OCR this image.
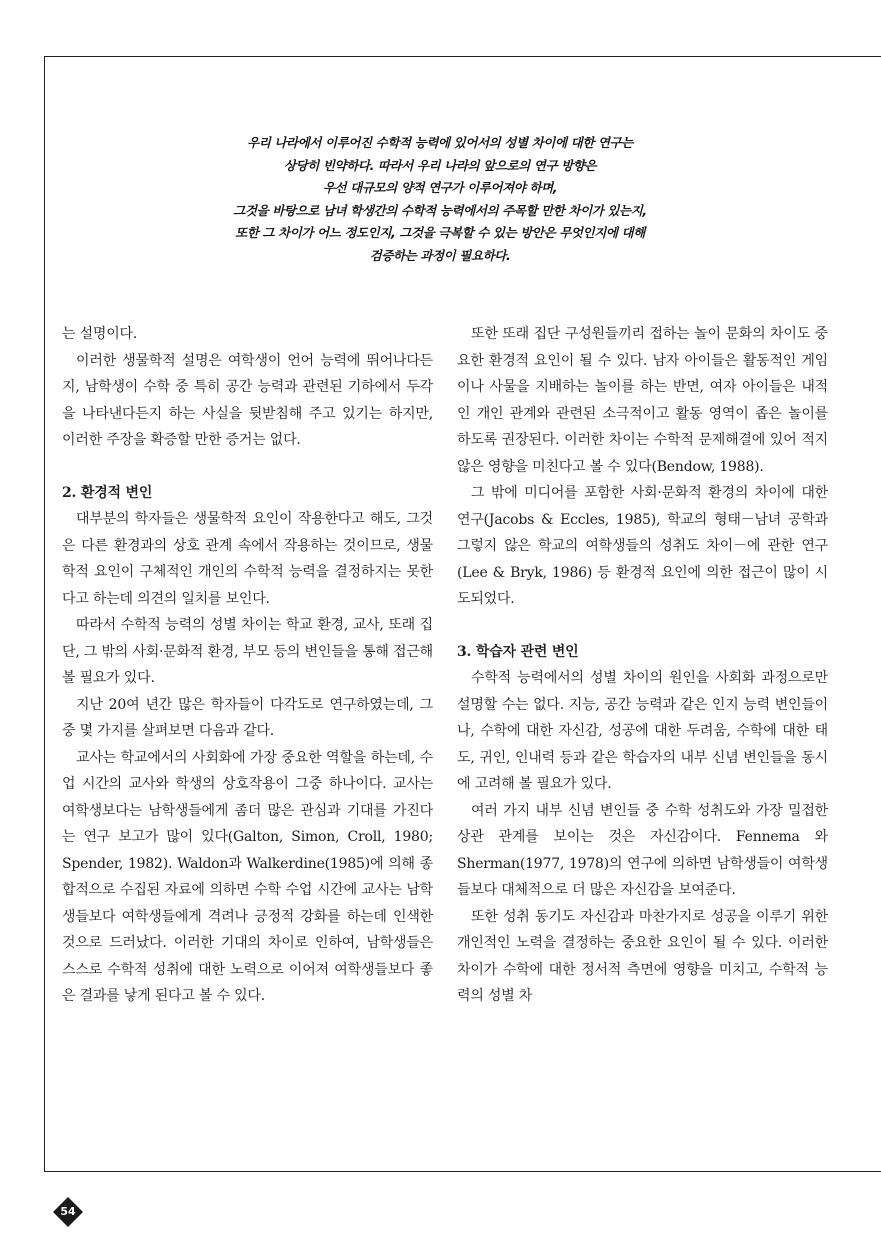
우리 나라에서 이루어진 수학적 능력에 있어서의 성별 차이에 대한 연구는

상당히 빈약하다. 따라서 우리 나라의 앞으로의 연구 방향은

우선 대규모의 양적 연구가 이루어져야 하며,

그것을 바탕으로 남녀 학생간의 수학적 능력에서의 주목할 만한 차이가 있는지,

또한 그 차이가 어느 정도인지, 그것을 극복할 수 있는 방안은 무엇인지에 대해

검증하는 과정이 필요하다.

는 설명이다.

이러한 생물학적 설명은 여학생이 언어 능력에 뛰어나다든지, 남학생이 수학 중 특히 공간 능력과 관련된 기하에서 두각을 나타낸다든지 하는 사실을 뒷받침해 주고 있기는 하지만, 이러한 주장을 확증할 만한 증거는 없다.

2. 환경적 변인

대부분의 학자들은 생물학적 요인이 작용한다고 해도, 그것은 다른 환경과의 상호 관계 속에서 작용하는 것이므로, 생물학적 요인이 구체적인 개인의 수학적 능력을 결정하지는 못한다고 하는데 의견의 일치를 보인다.

따라서 수학적 능력의 성별 차이는 학교 환경, 교사, 또래 집단, 그 밖의 사회·문화적 환경, 부모 등의 변인들을 통해 접근해 볼 필요가 있다.

지난 20여 년간 많은 학자들이 다각도로 연구하였는데, 그 중 몇 가지를 살펴보면 다음과 같다.

교사는 학교에서의 사회화에 가장 중요한 역할을 하는데, 수업 시간의 교사와 학생의 상호작용이 그중 하나이다. 교사는 여학생보다는 남학생들에게 좀더 많은 관심과 기대를 가진다는 연구 보고가 많이 있다(Galton, Simon, Croll, 1980; Spender, 1982). Waldon과 Walkerdine(1985)에 의해 종합적으로 수집된 자료에 의하면 수학 수업 시간에 교사는 남학생들보다 여학생들에게 격려나 긍정적 강화를 하는데 인색한 것으로 드러났다. 이러한 기대의 차이로 인하여, 남학생들은 스스로 수학적 성취에 대한 노력으로 이어져 여학생들보다 좋은 결과를 낳게 된다고 볼 수 있다.

또한 또래 집단 구성원들끼리 접하는 놀이 문화의 차이도 중요한 환경적 요인이 될 수 있다. 남자 아이들은 활동적인 게임이나 사물을 지배하는 놀이를 하는 반면, 여자 아이들은 내적인 개인 관계와 관련된 소극적이고 활동 영역이 좁은 놀이를 하도록 권장된다. 이러한 차이는 수학적 문제해결에 있어 적지 않은 영향을 미친다고 볼 수 있다(Bendow, 1988).

그 밖에 미디어를 포함한 사회·문화적 환경의 차이에 대한 연구(Jacobs & Eccles, 1985), 학교의 형태－남녀 공학과 그렇지 않은 학교의 여학생들의 성취도 차이－에 관한 연구(Lee & Bryk, 1986) 등 환경적 요인에 의한 접근이 많이 시도되었다.

3. 학습자 관련 변인

수학적 능력에서의 성별 차이의 원인을 사회화 과정으로만 설명할 수는 없다. 지능, 공간 능력과 같은 인지 능력 변인들이나, 수학에 대한 자신감, 성공에 대한 두려움, 수학에 대한 태도, 귀인, 인내력 등과 같은 학습자의 내부 신념 변인들을 동시에 고려해 볼 필요가 있다.

여러 가지 내부 신념 변인들 중 수학 성취도와 가장 밀접한 상관 관계를 보이는 것은 자신감이다. Fennema 와 Sherman(1977, 1978)의 연구에 의하면 남학생들이 여학생들보다 대체적으로 더 많은 자신감을 보여준다.

또한 성취 동기도 자신감과 마찬가지로 성공을 이루기 위한 개인적인 노력을 결정하는 중요한 요인이 될 수 있다. 이러한 차이가 수학에 대한 정서적 측면에 영향을 미치고, 수학적 능력의 성별 차

54
